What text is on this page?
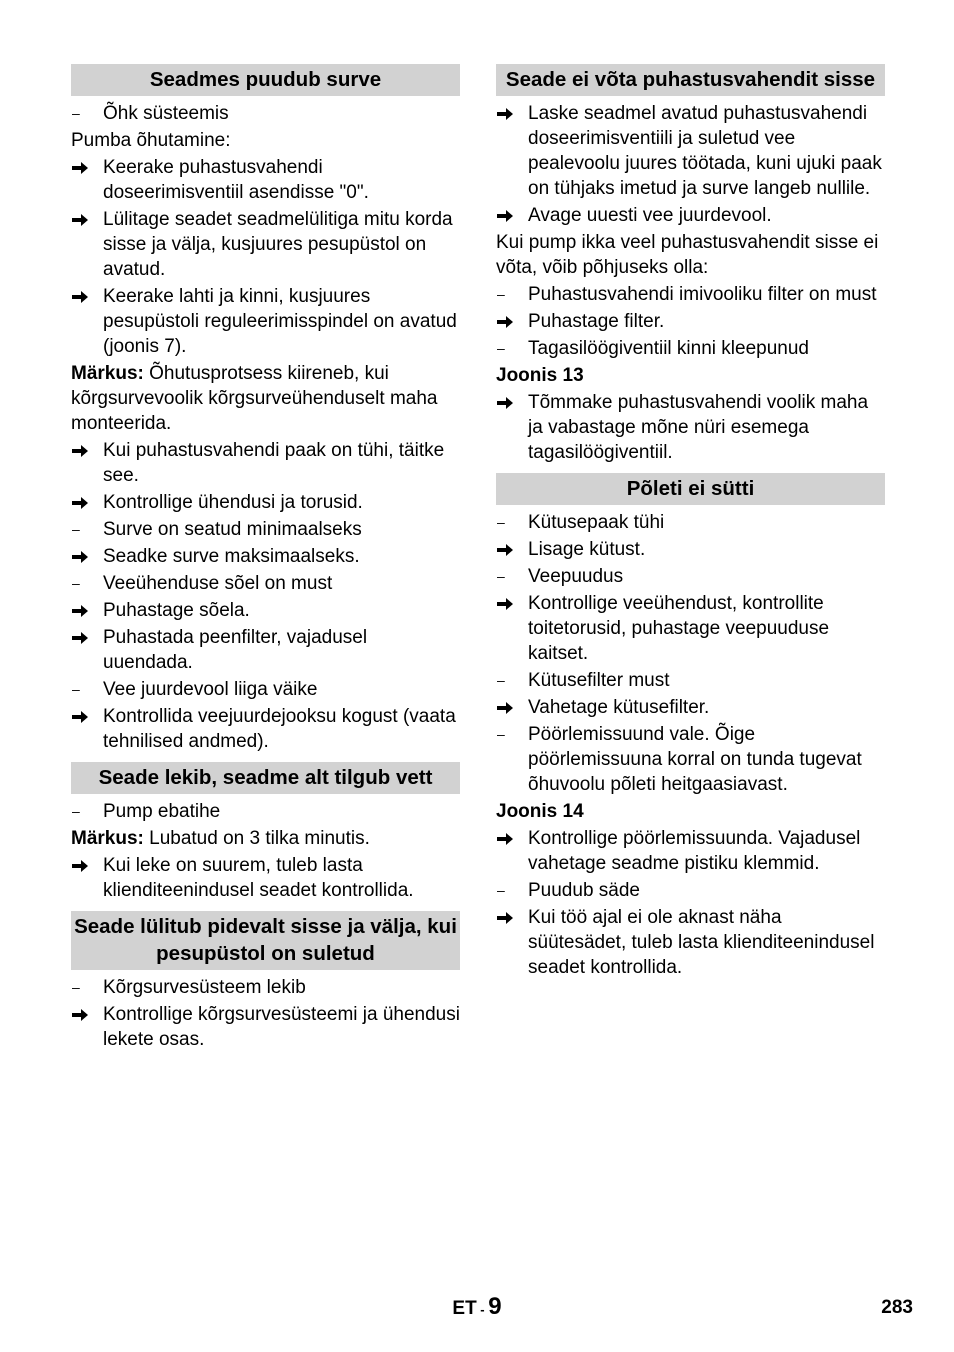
Seadmes puudub surve
–	Õhk süsteemis
Pumba õhutamine:
Keerake puhastusvahendi doseerimisventiil asendisse "0".
Lülitage seadet seadmelülitiga mitu korda sisse ja välja, kusjuures pesupüstol on avatud.
Keerake lahti ja kinni, kusjuures pesupüstoli reguleerimisspindel on avatud (joonis 7).
Märkus: Õhutusprotsess kiireneb, kui kõrgsurvevoolik kõrgsurveühenduselt maha monteerida.
Kui puhastusvahendi paak on tühi, täitke see.
Kontrollige ühendusi ja torusid.
–	Surve on seatud minimaalseks
Seadke surve maksimaalseks.
–	Veeühenduse sõel on must
Puhastage sõela.
Puhastada peenfilter, vajadusel uuendada.
–	Vee juurdevool liiga väike
Kontrollida veejuurdejooksu kogust (vaata tehnilised andmed).
Seade lekib, seadme alt tilgub vett
–	Pump ebatihe
Märkus: Lubatud on 3 tilka minutis.
Kui leke on suurem, tuleb lasta klienditeenindusel seadet kontrollida.
Seade lülitub pidevalt sisse ja välja, kui pesupüstol on suletud
–	Kõrgsurvesüsteem lekib
Kontrollige kõrgsurvesüsteemi ja ühendusi lekete osas.
Seade ei võta puhastusvahendit sisse
Laske seadmel avatud puhastusvahendi doseerimisventiili ja suletud vee pealevoolu juures töötada, kuni ujuki paak on tühjaks imetud ja surve langeb nullile.
Avage uuesti vee juurdevool.
Kui pump ikka veel puhastusvahendit sisse ei võta, võib põhjuseks olla:
–	Puhastusvahendi imivooliku filter on must
Puhastage filter.
–	Tagasilöögiventiil kinni kleepunud
Joonis 13
Tõmmake puhastusvahendi voolik maha ja vabastage mõne nüri esemega tagasilöögiventiil.
Põleti ei sütti
–	Kütusepaak tühi
Lisage kütust.
–	Veepuudus
Kontrollige veeühendust, kontrollite toitetorusid, puhastage veepuuduse kaitset.
–	Kütusefilter must
Vahetage kütusefilter.
–	Pöörlemissuund vale. Õige pöörlemissuuna korral on tunda tugevat õhuvoolu põleti heitgaasiavast.
Joonis 14
Kontrollige pöörlemissuunda. Vajadusel vahetage seadme pistiku klemmid.
–	Puudub säde
Kui töö ajal ei ole aknast näha süütesädet, tuleb lasta klienditeenindusel seadet kontrollida.
ET - 9	283
